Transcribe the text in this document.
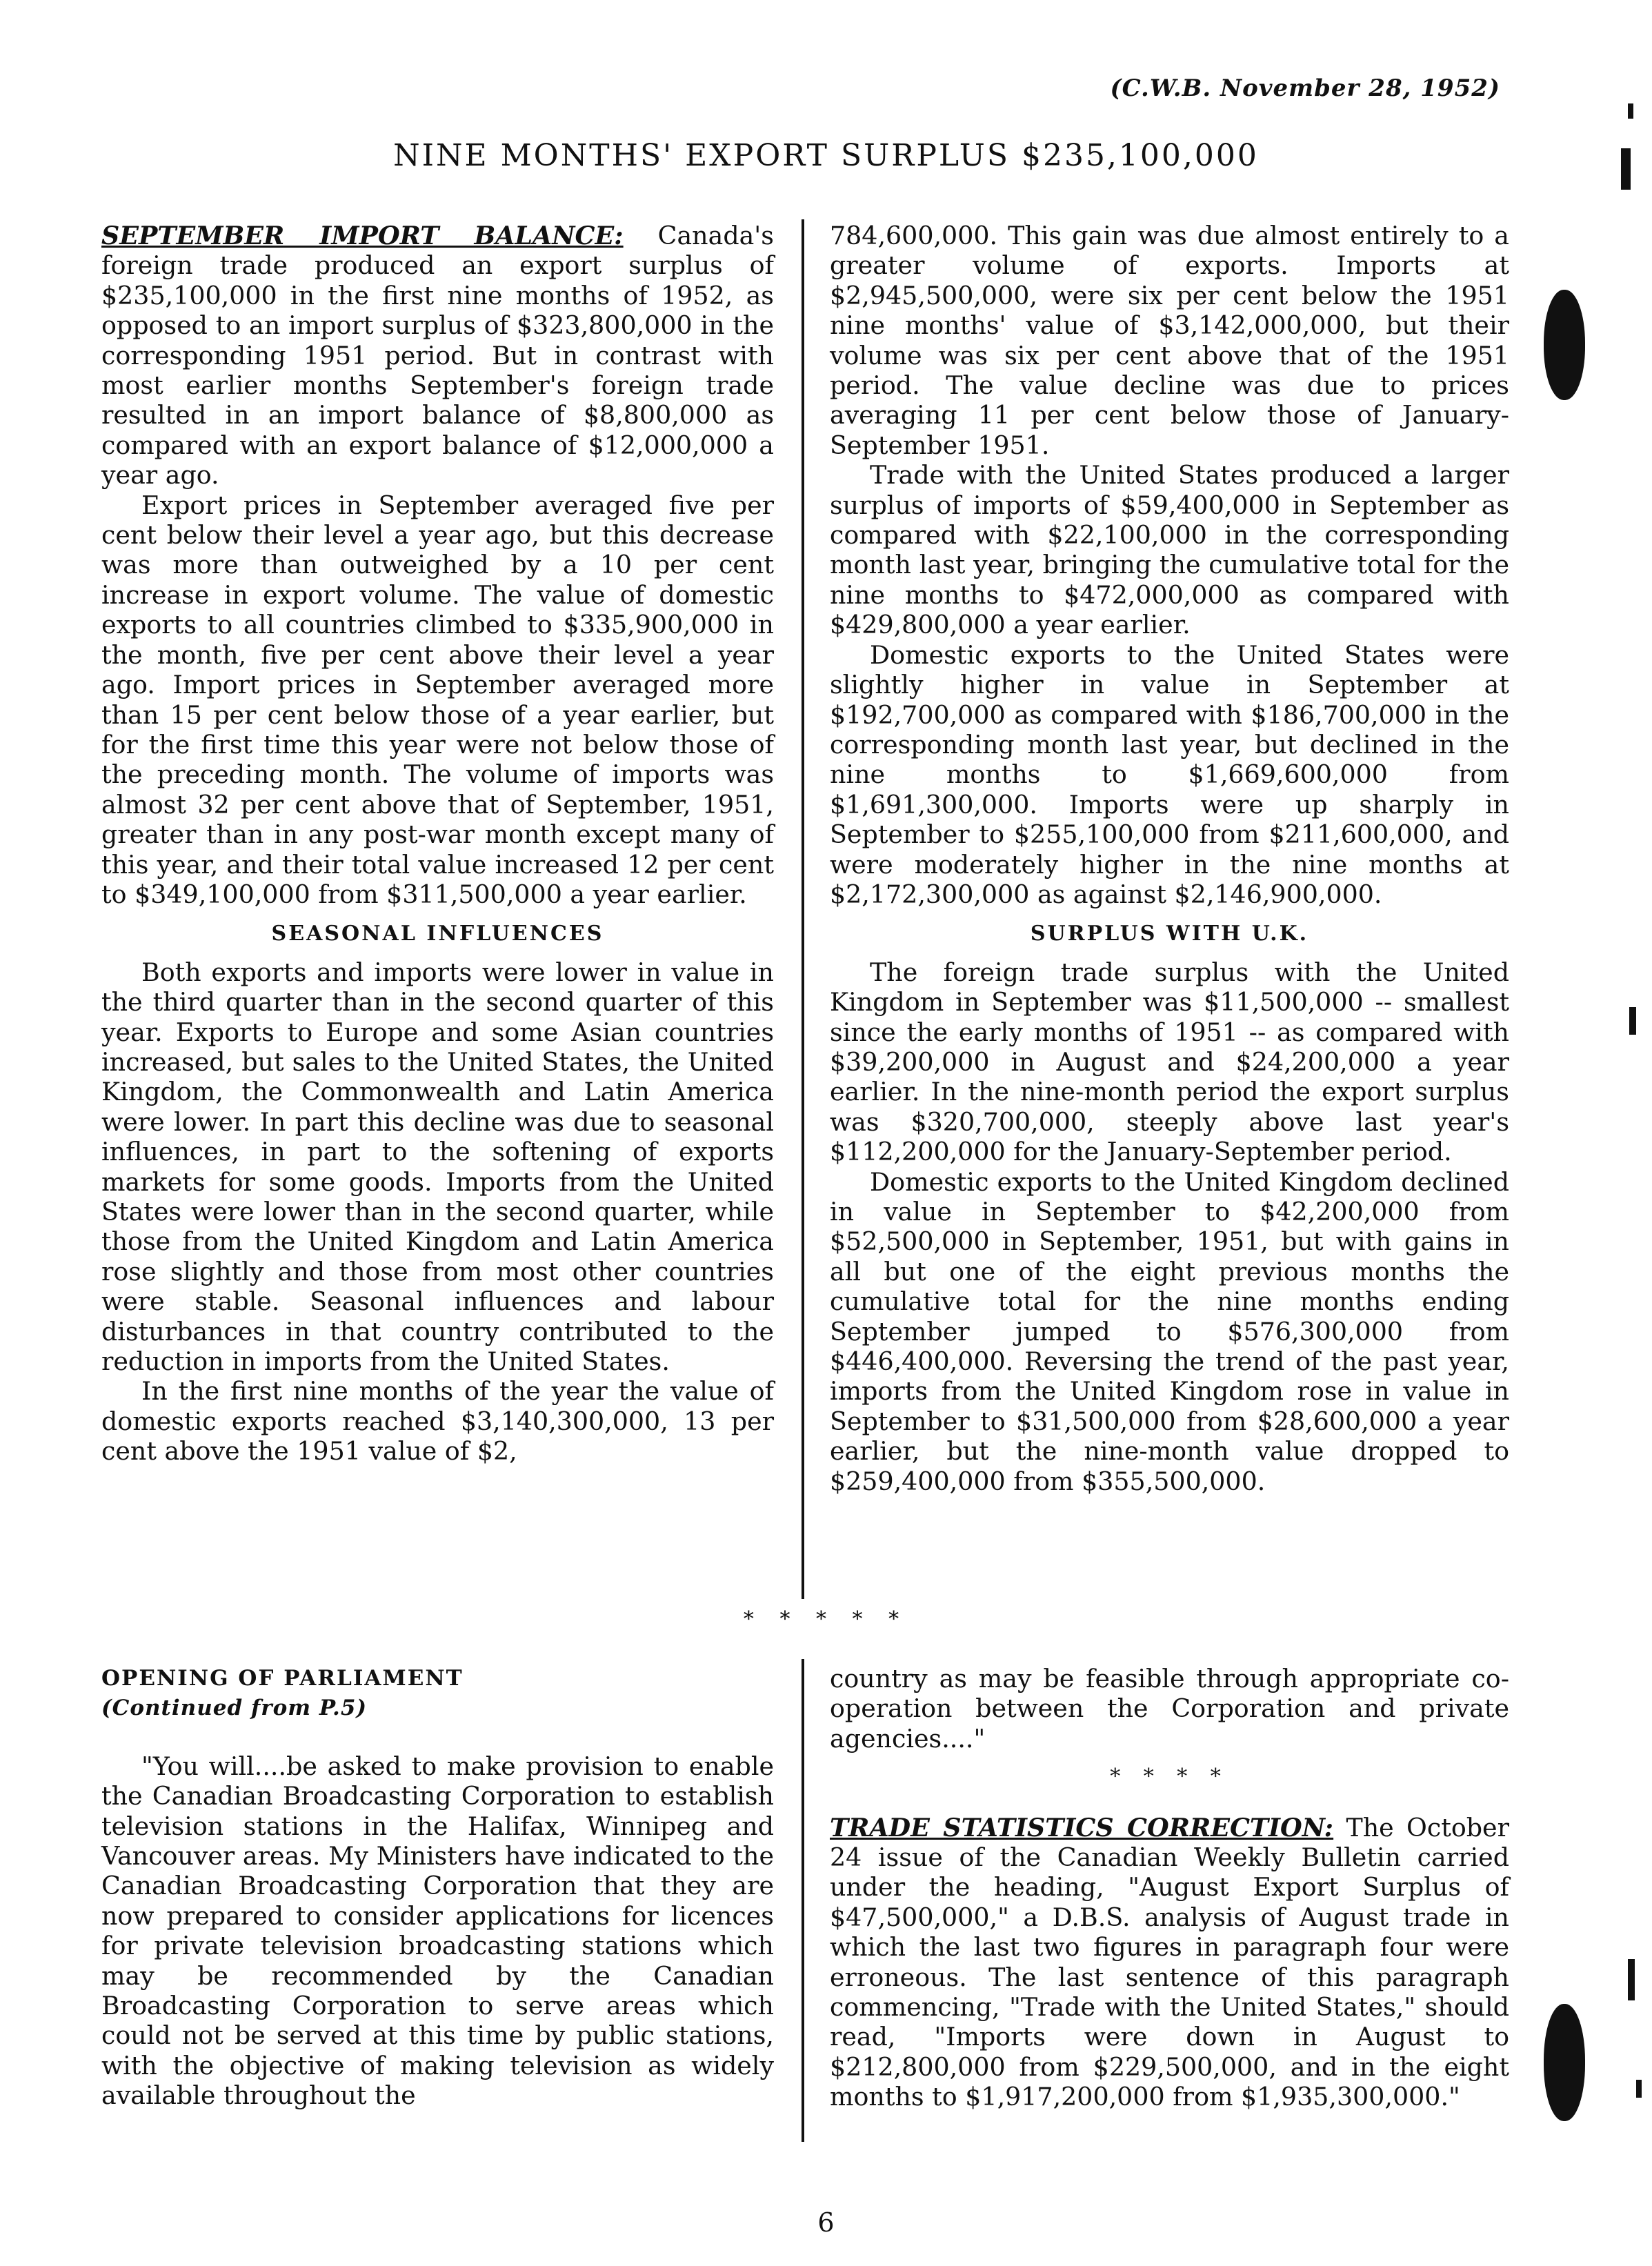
(C.W.B. November 28, 1952)
NINE MONTHS' EXPORT SURPLUS $235,100,000

SEPTEMBER IMPORT BALANCE: Canada's foreign trade produced an export surplus of $235,100,000 in the first nine months of 1952, as opposed to an import surplus of $323,800,000 in the corresponding 1951 period. But in contrast with most earlier months September's foreign trade resulted in an import balance of $8,800,000 as compared with an export balance of $12,000,000 a year ago.

Export prices in September averaged five per cent below their level a year ago, but this decrease was more than outweighed by a 10 per cent increase in export volume. The value of domestic exports to all countries climbed to $335,900,000 in the month, five per cent above their level a year ago. Import prices in September averaged more than 15 per cent below those of a year earlier, but for the first time this year were not below those of the preceding month. The volume of imports was almost 32 per cent above that of September, 1951, greater than in any post-war month except many of this year, and their total value increased 12 per cent to $349,100,000 from $311,500,000 a year earlier.

SEASONAL INFLUENCES

Both exports and imports were lower in value in the third quarter than in the second quarter of this year. Exports to Europe and some Asian countries increased, but sales to the United States, the United Kingdom, the Commonwealth and Latin America were lower. In part this decline was due to seasonal influences, in part to the softening of exports markets for some goods. Imports from the United States were lower than in the second quarter, while those from the United Kingdom and Latin America rose slightly and those from most other countries were stable. Seasonal influences and labour disturbances in that country contributed to the reduction in imports from the United States.

In the first nine months of the year the value of domestic exports reached $3,140,300,000, 13 per cent above the 1951 value of $2,

784,600,000. This gain was due almost entirely to a greater volume of exports. Imports at $2,945,500,000, were six per cent below the 1951 nine months' value of $3,142,000,000, but their volume was six per cent above that of the 1951 period. The value decline was due to prices averaging 11 per cent below those of January-September 1951.

Trade with the United States produced a larger surplus of imports of $59,400,000 in September as compared with $22,100,000 in the corresponding month last year, bringing the cumulative total for the nine months to $472,000,000 as compared with $429,800,000 a year earlier.

Domestic exports to the United States were slightly higher in value in September at $192,700,000 as compared with $186,700,000 in the corresponding month last year, but declined in the nine months to $1,669,600,000 from $1,691,300,000. Imports were up sharply in September to $255,100,000 from $211,600,000, and were moderately higher in the nine months at $2,172,300,000 as against $2,146,900,000.

SURPLUS WITH U.K.

The foreign trade surplus with the United Kingdom in September was $11,500,000 -- smallest since the early months of 1951 -- as compared with $39,200,000 in August and $24,200,000 a year earlier. In the nine-month period the export surplus was $320,700,000, steeply above last year's $112,200,000 for the January-September period.

Domestic exports to the United Kingdom declined in value in September to $42,200,000 from $52,500,000 in September, 1951, but with gains in all but one of the eight previous months the cumulative total for the nine months ending September jumped to $576,300,000 from $446,400,000. Reversing the trend of the past year, imports from the United Kingdom rose in value in September to $31,500,000 from $28,600,000 a year earlier, but the nine-month value dropped to $259,400,000 from $355,500,000.

* * * * *

OPENING OF PARLIAMENT

(Continued from P.5)

"You will....be asked to make provision to enable the Canadian Broadcasting Corporation to establish television stations in the Halifax, Winnipeg and Vancouver areas. My Ministers have indicated to the Canadian Broadcasting Corporation that they are now prepared to consider applications for licences for private television broadcasting stations which may be recommended by the Canadian Broadcasting Corporation to serve areas which could not be served at this time by public stations, with the objective of making television as widely available throughout the

country as may be feasible through appropriate co-operation between the Corporation and private agencies...."

* * * *

TRADE STATISTICS CORRECTION: The October 24 issue of the Canadian Weekly Bulletin carried under the heading, "August Export Surplus of $47,500,000," a D.B.S. analysis of August trade in which the last two figures in paragraph four were erroneous. The last sentence of this paragraph commencing, "Trade with the United States," should read, "Imports were down in August to $212,800,000 from $229,500,000, and in the eight months to $1,917,200,000 from $1,935,300,000."

6
